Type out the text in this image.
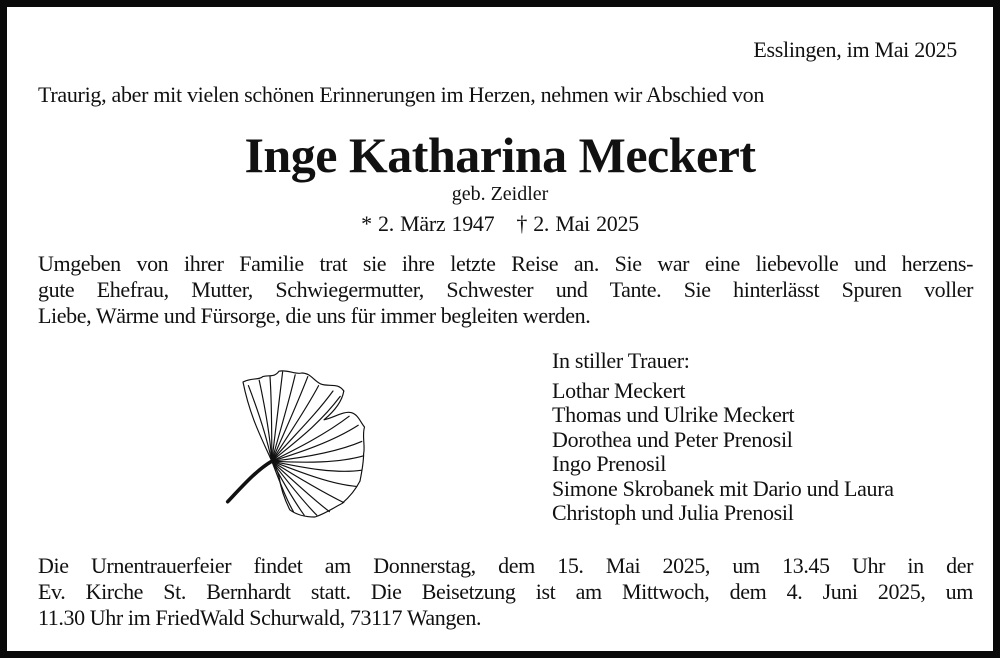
Esslingen, im Mai 2025
Traurig, aber mit vielen schönen Erinnerungen im Herzen, nehmen wir Abschied von
Inge Katharina Meckert
geb. Zeidler
* 2. März 1947 † 2. Mai 2025
Umgeben von ihrer Familie trat sie ihre letzte Reise an. Sie war eine liebevolle und herzens-
gute Ehefrau, Mutter, Schwiegermutter, Schwester und Tante. Sie hinterlässt Spuren voller
Liebe, Wärme und Fürsorge, die uns für immer begleiten werden.
In stiller Trauer:
Lothar Meckert
Thomas und Ulrike Meckert
Dorothea und Peter Prenosil
Ingo Prenosil
Simone Skrobanek mit Dario und Laura
Christoph und Julia Prenosil
Die Urnentrauerfeier findet am Donnerstag, dem 15. Mai 2025, um 13.45 Uhr in der
Ev. Kirche St. Bernhardt statt. Die Beisetzung ist am Mittwoch, dem 4. Juni 2025, um
11.30 Uhr im FriedWald Schurwald, 73117 Wangen.
